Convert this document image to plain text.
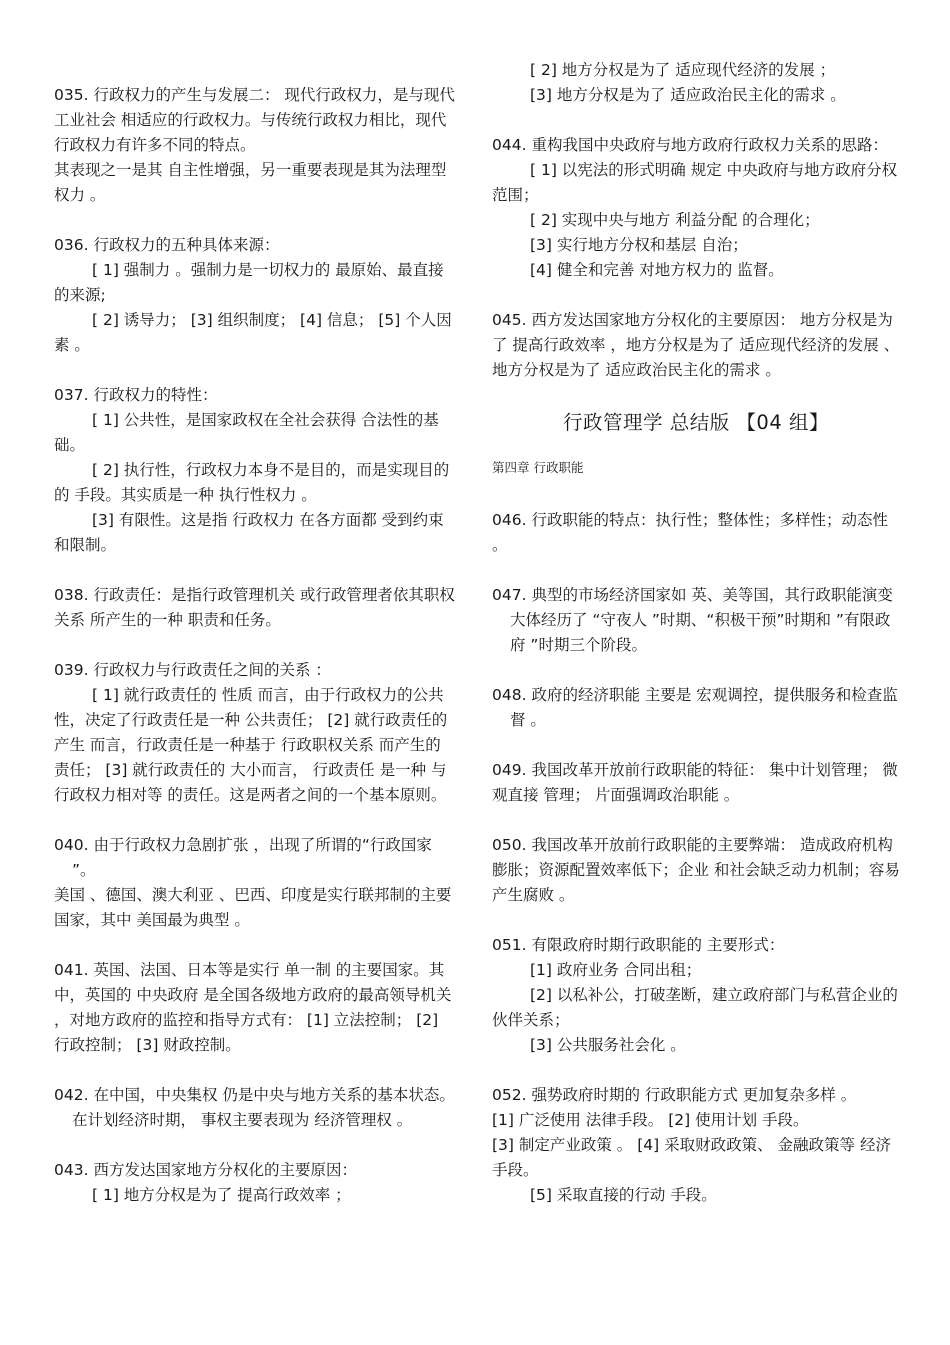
035. 行政权力的产生与发展二： 现代行政权力，是与现代工业社会 相适应的行政权力。与传统行政权力相比，现代行政权力有许多不同的特点。

其表现之一是其 自主性增强，另一重要表现是其为法理型权力 。

036. 行政权力的五种具体来源：

[ 1] 强制力 。强制力是一切权力的 最原始、最直接 的来源;

[ 2] 诱导力； [3] 组织制度； [4] 信息； [5] 个人因素 。

037. 行政权力的特性：

[ 1] 公共性，是国家政权在全社会获得 合法性的基础。

[ 2] 执行性，行政权力本身不是目的，而是实现目的的 手段。其实质是一种 执行性权力 。

[3] 有限性。这是指 行政权力 在各方面都 受到约束 和限制。

038. 行政责任：是指行政管理机关 或行政管理者依其职权关系 所产生的一种 职责和任务。

039. 行政权力与行政责任之间的关系 ：

[ 1] 就行政责任的 性质 而言，由于行政权力的公共性，决定了行政责任是一种 公共责任； [2] 就行政责任的 产生 而言，行政责任是一种基于 行政职权关系 而产生的责任； [3] 就行政责任的 大小而言， 行政责任 是一种 与行政权力相对等 的责任。这是两者之间的一个基本原则。

040. 由于行政权力急剧扩张 ，出现了所谓的“行政国家 ”。

美国 、德国、澳大利亚 、巴西、印度是实行联邦制的主要国家，其中 美国最为典型 。

041. 英国、法国、日本等是实行 单一制 的主要国家。其中，英国的 中央政府 是全国各级地方政府的最高领导机关 ，对地方政府的监控和指导方式有： [1] 立法控制； [2] 行政控制； [3] 财政控制。

042. 在中国，中央集权 仍是中央与地方关系的基本状态。在计划经济时期， 事权主要表现为 经济管理权 。

043. 西方发达国家地方分权化的主要原因：

[ 1] 地方分权是为了 提高行政效率 ；

[ 2] 地方分权是为了 适应现代经济的发展 ；

[3] 地方分权是为了 适应政治民主化的需求 。

044. 重构我国中央政府与地方政府行政权力关系的思路：

[ 1] 以宪法的形式明确 规定 中央政府与地方政府分权范围；

[ 2] 实现中央与地方 利益分配 的合理化；

[3] 实行地方分权和基层 自治；

[4] 健全和完善 对地方权力的 监督。

045. 西方发达国家地方分权化的主要原因： 地方分权是为了 提高行政效率 ，地方分权是为了 适应现代经济的发展 、地方分权是为了 适应政治民主化的需求 。

行政管理学 总结版 【04 组】
第四章 行政职能

046. 行政职能的特点：执行性；整体性；多样性；动态性 。

047. 典型的市场经济国家如 英、美等国，其行政职能演变大体经历了 “守夜人 ”时期、“积极干预”时期和 ”有限政府 ”时期三个阶段。

048. 政府的经济职能 主要是 宏观调控，提供服务和检查监督 。

049. 我国改革开放前行政职能的特征： 集中计划管理； 微观直接 管理； 片面强调政治职能 。

050. 我国改革开放前行政职能的主要弊端： 造成政府机构膨胀；资源配置效率低下；企业 和社会缺乏动力机制；容易产生腐败 。

051. 有限政府时期行政职能的 主要形式：

[1] 政府业务 合同出租；

[2] 以私补公，打破垄断，建立政府部门与私营企业的 伙伴关系；

[3] 公共服务社会化 。

052. 强势政府时期的 行政职能方式 更加复杂多样 。

[1] 广泛使用 法律手段。 [2] 使用计划 手段。

[3] 制定产业政策 。 [4] 采取财政政策、 金融政策等 经济手段。

[5] 采取直接的行动 手段。
